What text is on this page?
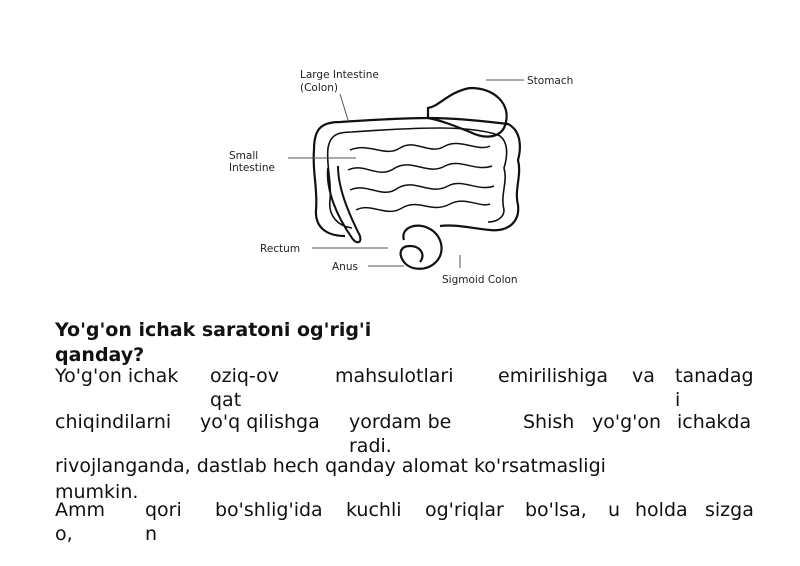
Large Intestine
(Colon)
Stomach
Small
Intestine
Rectum
Anus
Sigmoid Colon
Yo'g'on ichak saratoni og'rig'i qanday?
Yo'g'on ichak	oziq-ovqat
mahsulotlari	emirilishiga	va	tanadagi
chiqindilarni	yo'q qilishga	yordam beradi.
Shish yo'g'on ichakda
rivojlanganda, dastlab hech qanday alomat ko'rsatmasligi
mumkin.
Ammo,
qorin
bo'shlig'ida	kuchli	og'riqlar	bo'lsa,	u holda sizga
